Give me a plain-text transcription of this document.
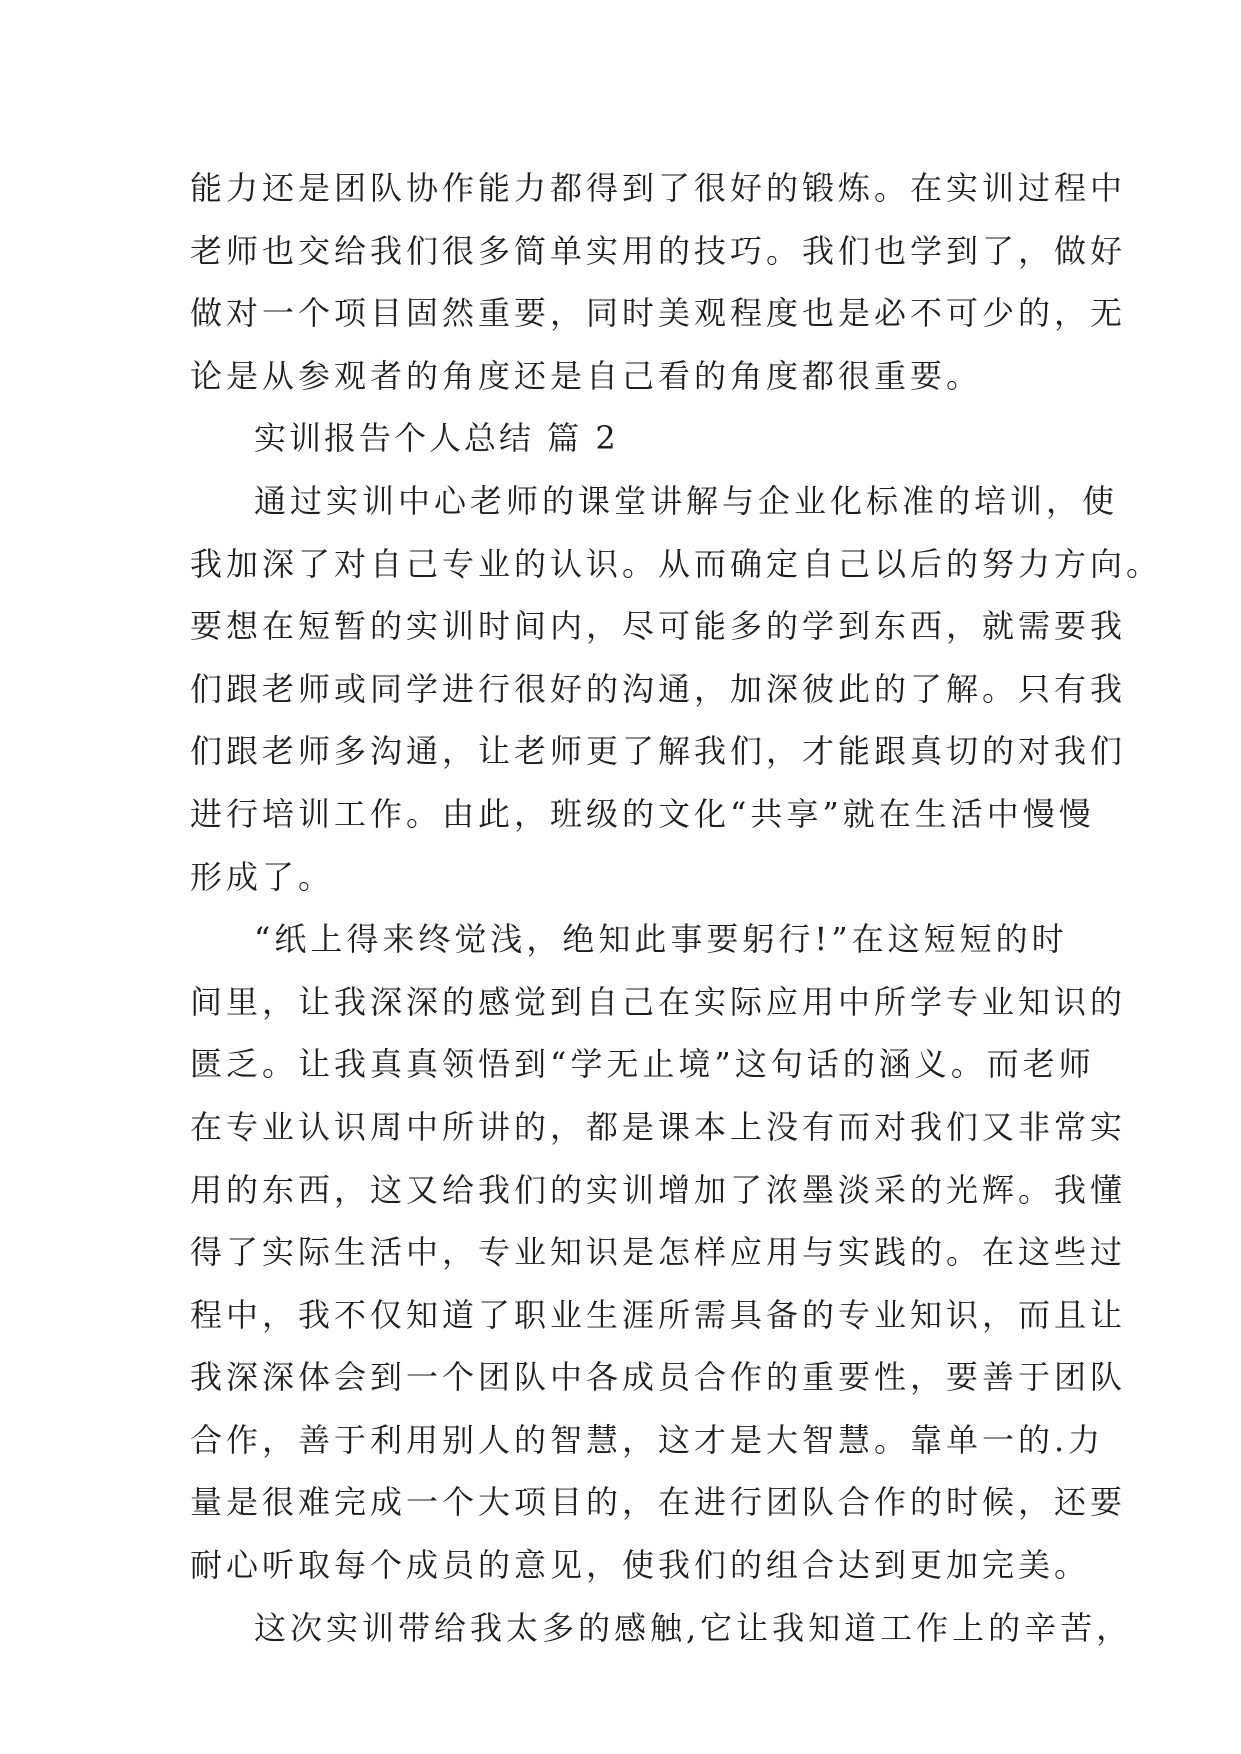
能力还是团队协作能力都得到了很好的锻炼。在实训过程中
老师也交给我们很多简单实用的技巧。我们也学到了，做好
做对一个项目固然重要，同时美观程度也是必不可少的，无
论是从参观者的角度还是自己看的角度都很重要。
实训报告个人总结 篇 2
通过实训中心老师的课堂讲解与企业化标准的培训，使
我加深了对自己专业的认识。从而确定自己以后的努力方向。
要想在短暂的实训时间内，尽可能多的学到东西，就需要我
们跟老师或同学进行很好的沟通，加深彼此的了解。只有我
们跟老师多沟通，让老师更了解我们，才能跟真切的对我们
进行培训工作。由此，班级的文化“共享”就在生活中慢慢
形成了。
“纸上得来终觉浅，绝知此事要躬行!”在这短短的时
间里，让我深深的感觉到自己在实际应用中所学专业知识的
匮乏。让我真真领悟到“学无止境”这句话的涵义。而老师
在专业认识周中所讲的，都是课本上没有而对我们又非常实
用的东西，这又给我们的实训增加了浓墨淡采的光辉。我懂
得了实际生活中，专业知识是怎样应用与实践的。在这些过
程中，我不仅知道了职业生涯所需具备的专业知识，而且让
我深深体会到一个团队中各成员合作的重要性，要善于团队
合作，善于利用别人的智慧，这才是大智慧。靠单一的.力
量是很难完成一个大项目的，在进行团队合作的时候，还要
耐心听取每个成员的意见，使我们的组合达到更加完美。
这次实训带给我太多的感触,它让我知道工作上的辛苦，
